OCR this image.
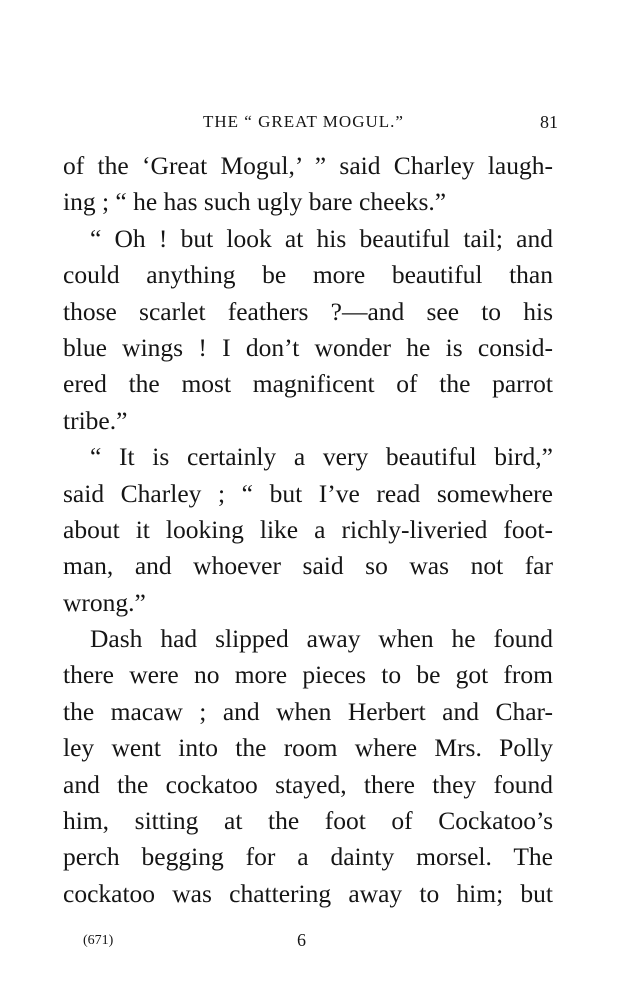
THE “ GREAT MOGUL.”	81
of the ‘Great Mogul,’ ” said Charley laugh-
ing ; “ he has such ugly bare cheeks.”
“ Oh ! but look at his beautiful tail; and
could anything be more beautiful than
those scarlet feathers ?—and see to his
blue wings ! I don’t wonder he is consid-
ered the most magnificent of the parrot
tribe.”
“ It is certainly a very beautiful bird,”
said Charley ; “ but I’ve read somewhere
about it looking like a richly-liveried foot-
man, and whoever said so was not far
wrong.”
Dash had slipped away when he found
there were no more pieces to be got from
the macaw ; and when Herbert and Char-
ley went into the room where Mrs. Polly
and the cockatoo stayed, there they found
him, sitting at the foot of Cockatoo’s
perch begging for a dainty morsel. The
cockatoo was chattering away to him; but
(671)	6
